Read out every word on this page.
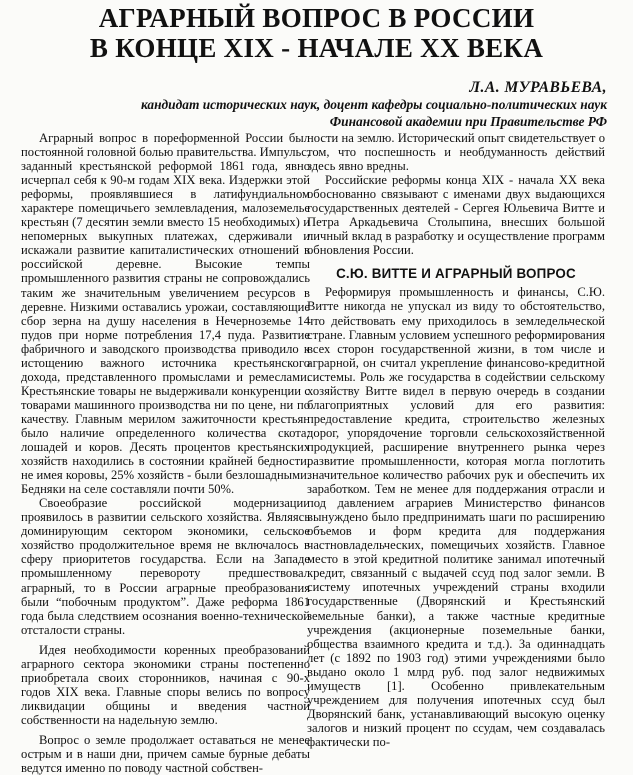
АГРАРНЫЙ ВОПРОС В РОССИИ
В КОНЦЕ XIX - НАЧАЛЕ XX ВЕКА
Л.А. МУРАВЬЕВА,
кандидат исторических наук, доцент кафедры социально-политических наук
Финансовой академии при Правительстве РФ

Аграрный вопрос в пореформенной России был постоянной головной болью правительства. Импульс, заданный крестьянской реформой 1861 года, явно исчерпал себя к 90-м годам XIX века. Издержки этой реформы, проявлявшиеся в латифундиальном характере помещичьего землевладения, малоземелье крестьян (7 десятин земли вместо 15 необходимых) и непомерных выкупных платежах, сдерживали и искажали развитие капиталистических отношений в российской деревне. Высокие темпы промышленного развития страны не сопровождались таким же значительным увеличением ресурсов в деревне. Низкими оставались урожаи, составляющие сбор зерна на душу населения в Нечерноземье 14 пудов при норме потребления 17,4 пуда. Развитие фабричного и заводского производства приводило к истощению важного источника крестьянского дохода, представленного промыслами и ремеслами. Крестьянские товары не выдерживали конкуренции с товарами машинного производства ни по цене, ни по качеству. Главным мерилом зажиточности крестьян было наличие определенного количества скота: лошадей и коров. Десять процентов крестьянских хозяйств находились в состоянии крайней бедности, не имея коровы, 25% хозяйств - были безлошадными. Бедняки на селе составляли почти 50%.

Своеобразие российской модернизации проявилось в развитии сельского хозяйства. Являясь доминирующим сектором экономики, сельское хозяйство продолжительное время не включалось в сферу приоритетов государства. Если на Западе промышленному перевороту предшествовал аграрный, то в России аграрные преобразования были “побочным продуктом”. Даже реформа 1861 года была следствием осознания военно-технической отсталости страны.

Идея необходимости коренных преобразований аграрного сектора экономики страны постепенно приобретала своих сторонников, начиная с 90-х годов XIX века. Главные споры велись по вопросу ликвидации общины и введения частной собственности на надельную землю.

Вопрос о земле продолжает оставаться не менее острым и в наши дни, причем самые бурные дебаты ведутся именно по поводу частной собствен-

ности на землю. Исторический опыт свидетельствует о том, что поспешность и необдуманность действий здесь явно вредны.

Российские реформы конца XIX - начала XX века обоснованно связывают с именами двух выдающихся государственных деятелей - Сергея Юльевича Витте и Петра Аркадьевича Столыпина, внесших большой личный вклад в разработку и осуществление программ обновления России.

С.Ю. ВИТТЕ И АГРАРНЫЙ ВОПРОС

Реформируя промышленность и финансы, С.Ю. Витте никогда не упускал из виду то обстоятельство, что действовать ему приходилось в земледельческой стране. Главным условием успешного реформирования всех сторон государственной жизни, в том числе и аграрной, он считал укрепление финансово-кредитной системы. Роль же государства в содействии сельскому хозяйству Витте видел в первую очередь в создании благоприятных условий для его развития: предоставление кредита, строительство железных дорог, упорядочение торговли сельскохозяйственной продукцией, расширение внутреннего рынка через развитие промышленности, которая могла поглотить значительное количество рабочих рук и обеспечить их заработком. Тем не менее для поддержания отрасли и под давлением аграриев Министерство финансов вынуждено было предпринимать шаги по расширению объемов и форм кредита для поддержания частновладельческих, помещичьих хозяйств. Главное место в этой кредитной политике занимал ипотечный кредит, связанный с выдачей ссуд под залог земли. В систему ипотечных учреждений страны входили государственные (Дворянский и Крестьянский земельные банки), а также частные кредитные учреждения (акционерные поземельные банки, общества взаимного кредита и т.д.). За одиннадцать лет (с 1892 по 1903 год) этими учреждениями было выдано около 1 млрд руб. под залог недвижимых имуществ [1]. Особенно привлекательным учреждением для получения ипотечных ссуд был Дворянский банк, устанавливающий высокую оценку залогов и низкий процент по ссудам, чем создавалась фактически по-
